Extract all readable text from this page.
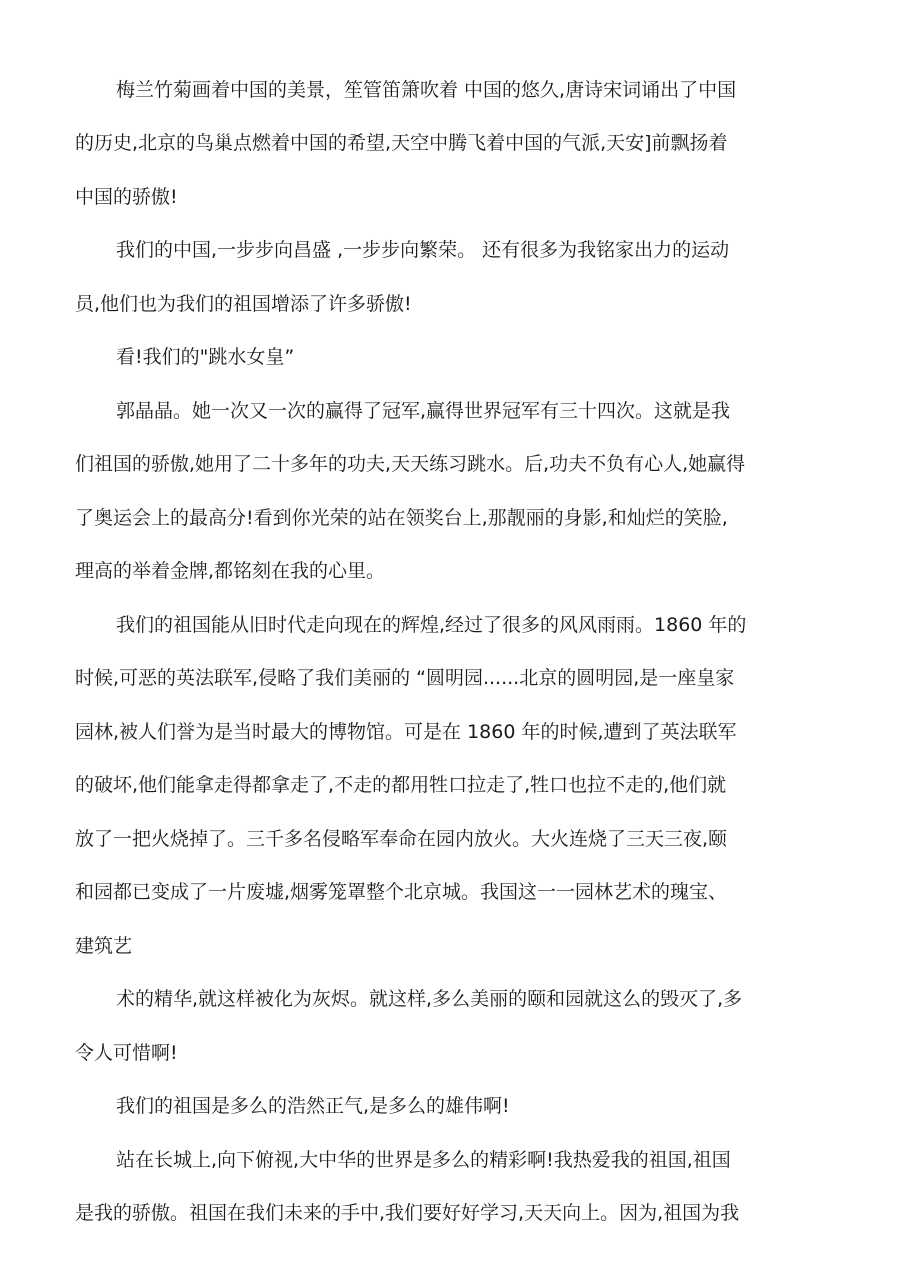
梅兰竹菊画着中国的美景，笙管笛箫吹着 中国的悠久,唐诗宋词诵出了中国
的历史,北京的鸟巢点燃着中国的希望,天空中腾飞着中国的气派,天安]前飘扬着
中国的骄傲!
我们的中国,一步步向昌盛 ,一步步向繁荣。 还有很多为我铭家出力的运动
员,他们也为我们的祖国增添了许多骄傲!
看!我们的"跳水女皇”
郭晶晶。她一次又一次的赢得了冠军,赢得世界冠军有三十四次。这就是我
们祖国的骄傲,她用了二十多年的功夫,天天练习跳水。后,功夫不负有心人,她赢得
了奥运会上的最高分!看到你光荣的站在领奖台上,那靓丽的身影,和灿烂的笑脸,
理高的举着金牌,都铭刻在我的心里。
我们的祖国能从旧时代走向现在的辉煌,经过了很多的风风雨雨。1860 年的
时候,可恶的英法联军,侵略了我们美丽的 “圆明园......北京的圆明园,是一座皇家
园林,被人们誉为是当时最大的博物馆。可是在 1860 年的时候,遭到了英法联军
的破坏,他们能拿走得都拿走了,不走的都用牲口拉走了,牲口也拉不走的,他们就
放了一把火烧掉了。三千多名侵略军奉命在园内放火。大火连烧了三天三夜,颐
和园都已变成了一片废墟,烟雾笼罩整个北京城。我国这一一园林艺术的瑰宝、
建筑艺
术的精华,就这样被化为灰烬。就这样,多么美丽的颐和园就这么的毁灭了,多
令人可惜啊!
我们的祖国是多么的浩然正气,是多么的雄伟啊!
站在长城上,向下俯视,大中华的世界是多么的精彩啊!我热爱我的祖国,祖国
是我的骄傲。祖国在我们未来的手中,我们要好好学习,天天向上。因为,祖国为我
